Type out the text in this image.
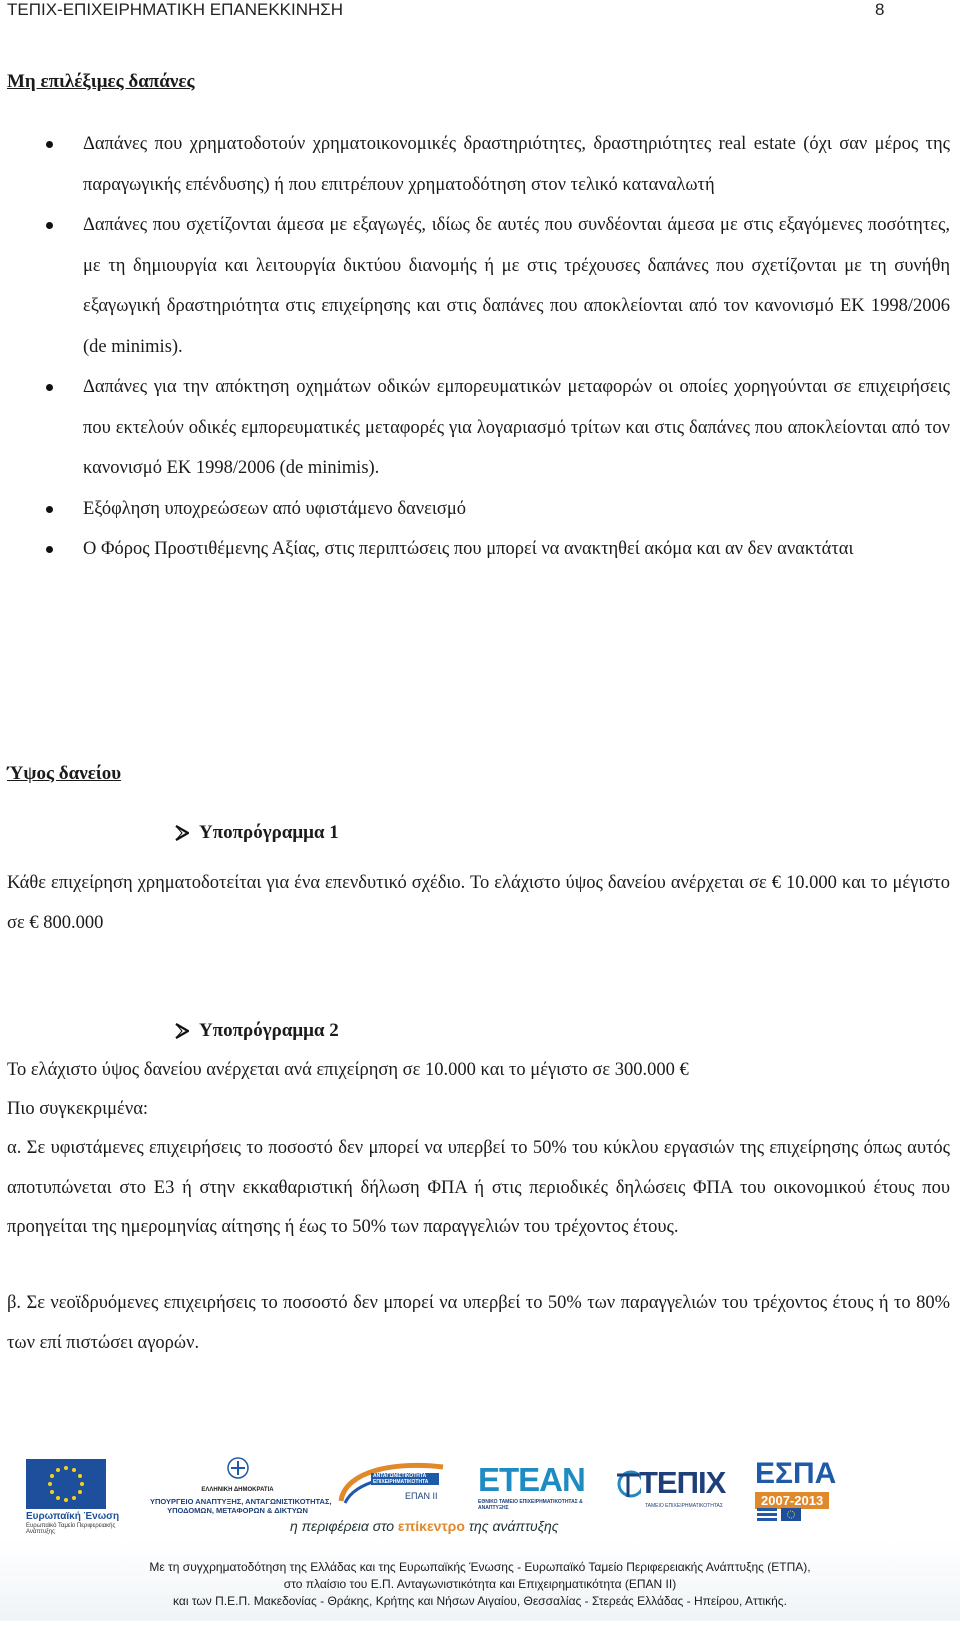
ΤΕΠΙΧ-ΕΠΙΧΕΙΡΗΜΑΤΙΚΗ ΕΠΑΝΕΚΚΙΝΗΣΗ	8
Μη επιλέξιμες δαπάνες
Δαπάνες που χρηματοδοτούν χρηματοικονομικές δραστηριότητες, δραστηριότητες real estate (όχι σαν μέρος της παραγωγικής επένδυσης) ή που επιτρέπουν χρηματοδότηση στον τελικό καταναλωτή
Δαπάνες που σχετίζονται άμεσα με εξαγωγές, ιδίως δε αυτές που συνδέονται άμεσα με στις εξαγόμενες ποσότητες, με τη δημιουργία και λειτουργία δικτύου διανομής ή με στις τρέχουσες δαπάνες που σχετίζονται με τη συνήθη εξαγωγική δραστηριότητα στις επιχείρησης και στις δαπάνες που αποκλείονται από τον κανονισμό ΕΚ 1998/2006 (de minimis).
Δαπάνες για την απόκτηση οχημάτων οδικών εμπορευματικών μεταφορών οι οποίες χορηγούνται σε επιχειρήσεις που εκτελούν οδικές εμπορευματικές μεταφορές για λογαριασμό τρίτων και στις δαπάνες που αποκλείονται από τον κανονισμό ΕΚ 1998/2006 (de minimis).
Εξόφληση υποχρεώσεων από υφιστάμενο δανεισμό
Ο Φόρος Προστιθέμενης Αξίας, στις περιπτώσεις που μπορεί να ανακτηθεί ακόμα και αν δεν ανακτάται
Ύψος δανείου
Υποπρόγραμμα 1

Κάθε επιχείρηση χρηματοδοτείται για ένα επενδυτικό σχέδιο. Το ελάχιστο ύψος δανείου ανέρχεται σε € 10.000 και το μέγιστο σε € 800.000

Υποπρόγραμμα 2

Το ελάχιστο ύψος δανείου ανέρχεται ανά επιχείρηση σε 10.000 και το μέγιστο σε 300.000 €

Πιο συγκεκριμένα:

α. Σε υφιστάμενες επιχειρήσεις το ποσοστό δεν μπορεί να υπερβεί το 50% του κύκλου εργασιών της επιχείρησης όπως αυτός αποτυπώνεται στο Ε3 ή στην εκκαθαριστική δήλωση ΦΠΑ ή στις περιοδικές δηλώσεις ΦΠΑ του οικονομικού έτους που προηγείται της ημερομηνίας αίτησης ή έως το 50% των παραγγελιών του τρέχοντος έτους.

β. Σε νεοϊδρυόμενες επιχειρήσεις το ποσοστό δεν μπορεί να υπερβεί το 50% των παραγγελιών του τρέχοντος έτους ή το 80% των επί πιστώσει αγορών.

Ευρωπαϊκή Ένωση
Ευρωπαϊκό Ταμείο Περιφερειακής Ανάπτυξης
ΕΛΛΗΝΙΚΗ ΔΗΜΟΚΡΑΤΙΑ
ΥΠΟΥΡΓΕΙΟ ΑΝΑΠΤΥΞΗΣ, ΑΝΤΑΓΩΝΙΣΤΙΚΟΤΗΤΑΣ,
ΥΠΟΔΟΜΩΝ, ΜΕΤΑΦΟΡΩΝ & ΔΙΚΤΥΩΝ
ΑΝΤΑΓΩΝΙΣΤΙΚΟΤΗΤΑ ΕΠΙΧΕΙΡΗΜΑΤΙΚΟΤΗΤΑ
ΕΠΑΝ ΙΙ ΕΤΕΑΝ
ΕΘΝΙΚΟ ΤΑΜΕΙΟ ΕΠΙΧΕΙΡΗΜΑΤΙΚΟΤΗΤΑΣ & ΑΝΑΠΤΥΞΗΣ
ΤΕΠΙΧ
ΤΑΜΕΙΟ ΕΠΙΧΕΙΡΗΜΑΤΙΚΟΤΗΤΑΣ
ΕΣΠΑ
2007-2013
η περιφέρεια στο επίκεντρο της ανάπτυξης
Με τη συγχρηματοδότηση της Ελλάδας και της Ευρωπαϊκής Ένωσης - Ευρωπαϊκό Ταμείο Περιφερειακής Ανάπτυξης (ΕΤΠΑ),
στο πλαίσιο του Ε.Π. Ανταγωνιστικότητα και Επιχειρηματικότητα (ΕΠΑΝ ΙΙ)
και των Π.Ε.Π. Μακεδονίας - Θράκης, Κρήτης και Νήσων Αιγαίου, Θεσσαλίας - Στερεάς Ελλάδας - Ηπείρου, Αττικής.
